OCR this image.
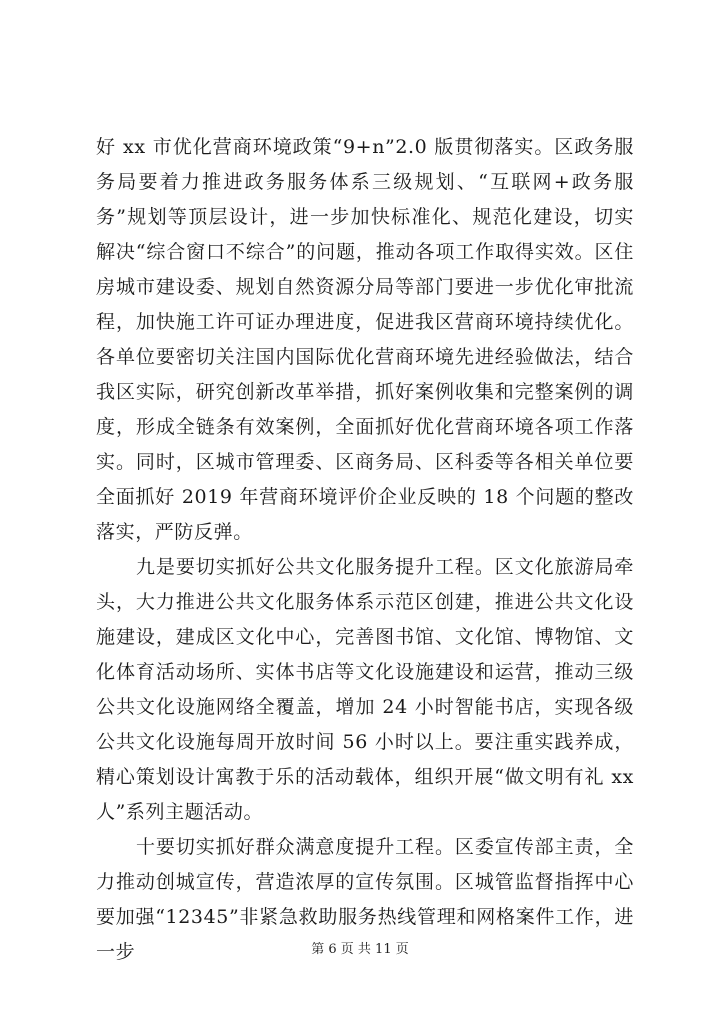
好 xx 市优化营商环境政策“9+n”2.0 版贯彻落实。区政务服务局要着力推进政务服务体系三级规划、“互联网+政务服务”规划等顶层设计，进一步加快标准化、规范化建设，切实解决“综合窗口不综合”的问题，推动各项工作取得实效。区住房城市建设委、规划自然资源分局等部门要进一步优化审批流程，加快施工许可证办理进度，促进我区营商环境持续优化。各单位要密切关注国内国际优化营商环境先进经验做法，结合我区实际，研究创新改革举措，抓好案例收集和完整案例的调度，形成全链条有效案例，全面抓好优化营商环境各项工作落实。同时，区城市管理委、区商务局、区科委等各相关单位要全面抓好 2019 年营商环境评价企业反映的 18 个问题的整改落实，严防反弹。

九是要切实抓好公共文化服务提升工程。区文化旅游局牵头，大力推进公共文化服务体系示范区创建，推进公共文化设施建设，建成区文化中心，完善图书馆、文化馆、博物馆、文化体育活动场所、实体书店等文化设施建设和运营，推动三级公共文化设施网络全覆盖，增加 24 小时智能书店，实现各级公共文化设施每周开放时间 56 小时以上。要注重实践养成，精心策划设计寓教于乐的活动载体，组织开展“做文明有礼 xx 人”系列主题活动。

十要切实抓好群众满意度提升工程。区委宣传部主责，全力推动创城宣传，营造浓厚的宣传氛围。区城管监督指挥中心要加强“12345”非紧急救助服务热线管理和网格案件工作，进一步	第 6 页 共 11 页
